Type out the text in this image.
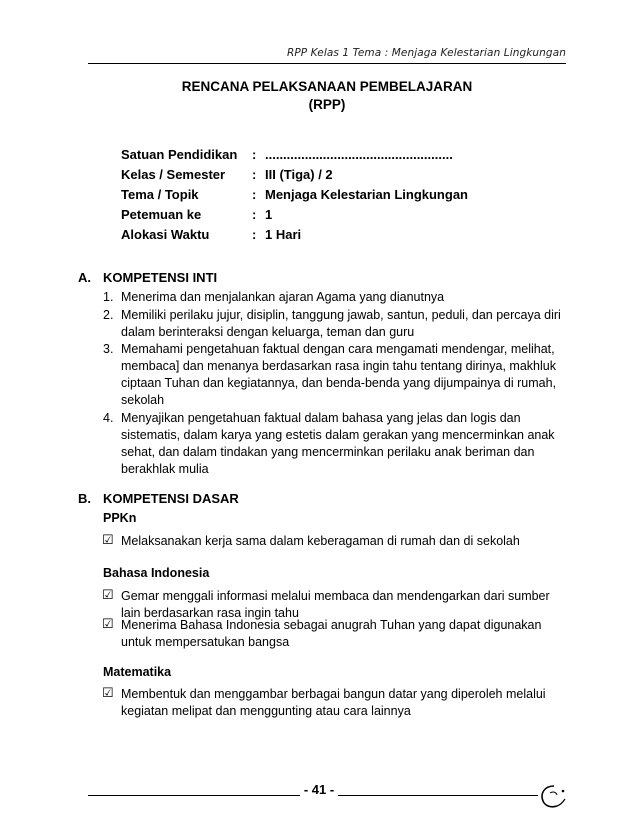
RPP Kelas 1 Tema : Menjaga Kelestarian Lingkungan
RENCANA PELAKSANAAN PEMBELAJARAN
(RPP)
Satuan Pendidikan : ....................................................
Kelas / Semester : III (Tiga) / 2
Tema / Topik	: Menjaga Kelestarian Lingkungan
Petemuan ke	: 1
Alokasi Waktu	: 1 Hari
A. KOMPETENSI INTI
1. Menerima dan menjalankan ajaran Agama yang dianutnya
2. Memiliki perilaku jujur, disiplin, tanggung jawab, santun, peduli, dan percaya diri
dalam berinteraksi dengan keluarga, teman dan guru
3. Memahami pengetahuan faktual dengan cara mengamati mendengar, melihat,
membaca] dan menanya berdasarkan rasa ingin tahu tentang dirinya, makhluk
ciptaan Tuhan dan kegiatannya, dan benda-benda yang dijumpainya di rumah,
sekolah
4. Menyajikan pengetahuan faktual dalam bahasa yang jelas dan logis dan
sistematis, dalam karya yang estetis dalam gerakan yang mencerminkan anak
sehat, dan dalam tindakan yang mencerminkan perilaku anak beriman dan
berakhlak mulia
B. KOMPETENSI DASAR
PPKn
☑ Melaksanakan kerja sama dalam keberagaman di rumah dan di sekolah
Bahasa Indonesia
☑ Gemar menggali informasi melalui membaca dan mendengarkan dari sumber
lain berdasarkan rasa ingin tahu
☑ Menerima Bahasa Indonesia sebagai anugrah Tuhan yang dapat digunakan
untuk mempersatukan bangsa
Matematika
☑ Membentuk dan menggambar berbagai bangun datar yang diperoleh melalui
kegiatan melipat dan menggunting atau cara lainnya
- 41 -
